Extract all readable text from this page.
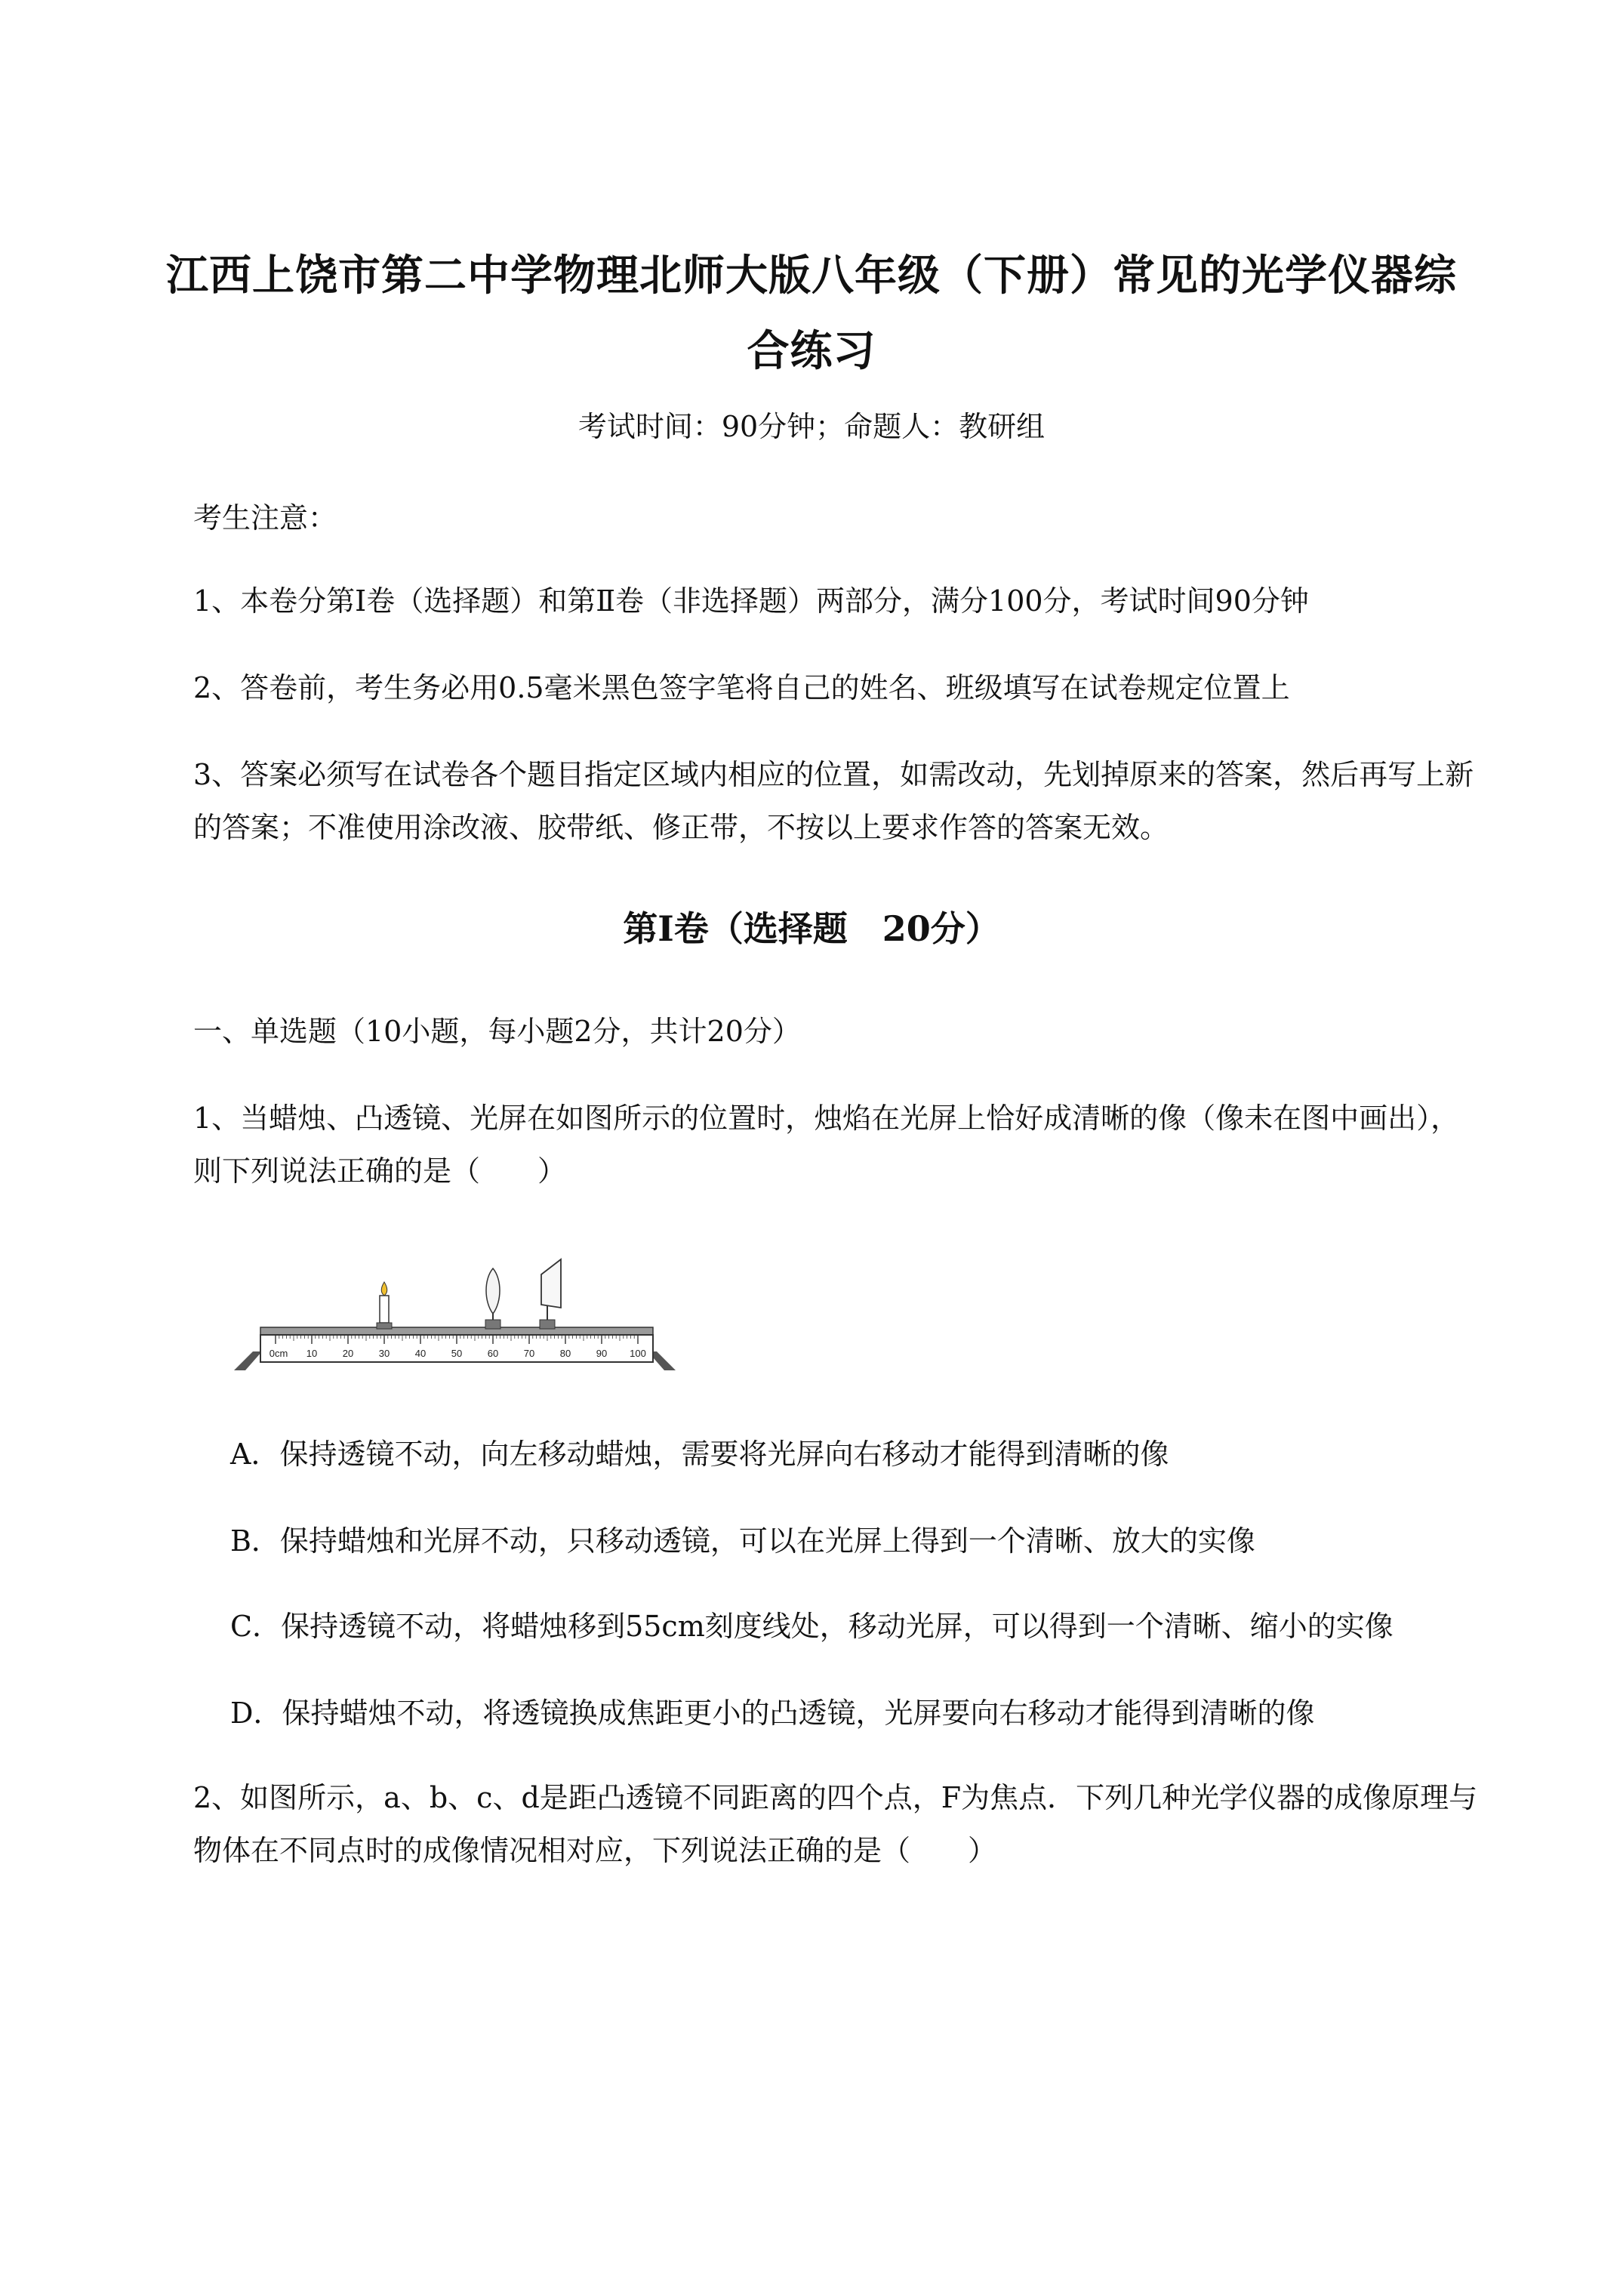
江西上饶市第二中学物理北师大版八年级（下册）常见的光学仪器综
合练习
考试时间：90分钟；命题人：教研组
考生注意：
1、本卷分第Ⅰ卷（选择题）和第Ⅱ卷（非选择题）两部分，满分100分，考试时间90分钟
2、答卷前，考生务必用0.5毫米黑色签字笔将自己的姓名、班级填写在试卷规定位置上
3、答案必须写在试卷各个题目指定区域内相应的位置，如需改动，先划掉原来的答案，然后再写上新
的答案；不准使用涂改液、胶带纸、修正带，不按以上要求作答的答案无效。
第Ⅰ卷（选择题　20分）
一、单选题（10小题，每小题2分，共计20分）
1、当蜡烛、凸透镜、光屏在如图所示的位置时，烛焰在光屏上恰好成清晰的像（像未在图中画出），
则下列说法正确的是（　　）
0cm 10	20	30	40	50	60	70	80	90 100
A．保持透镜不动，向左移动蜡烛，需要将光屏向右移动才能得到清晰的像
B．保持蜡烛和光屏不动，只移动透镜，可以在光屏上得到一个清晰、放大的实像
C．保持透镜不动，将蜡烛移到55cm刻度线处，移动光屏，可以得到一个清晰、缩小的实像
D．保持蜡烛不动，将透镜换成焦距更小的凸透镜，光屏要向右移动才能得到清晰的像
2、如图所示，a、b、c、d是距凸透镜不同距离的四个点，F为焦点．下列几种光学仪器的成像原理与
物体在不同点时的成像情况相对应，下列说法正确的是（　　）
